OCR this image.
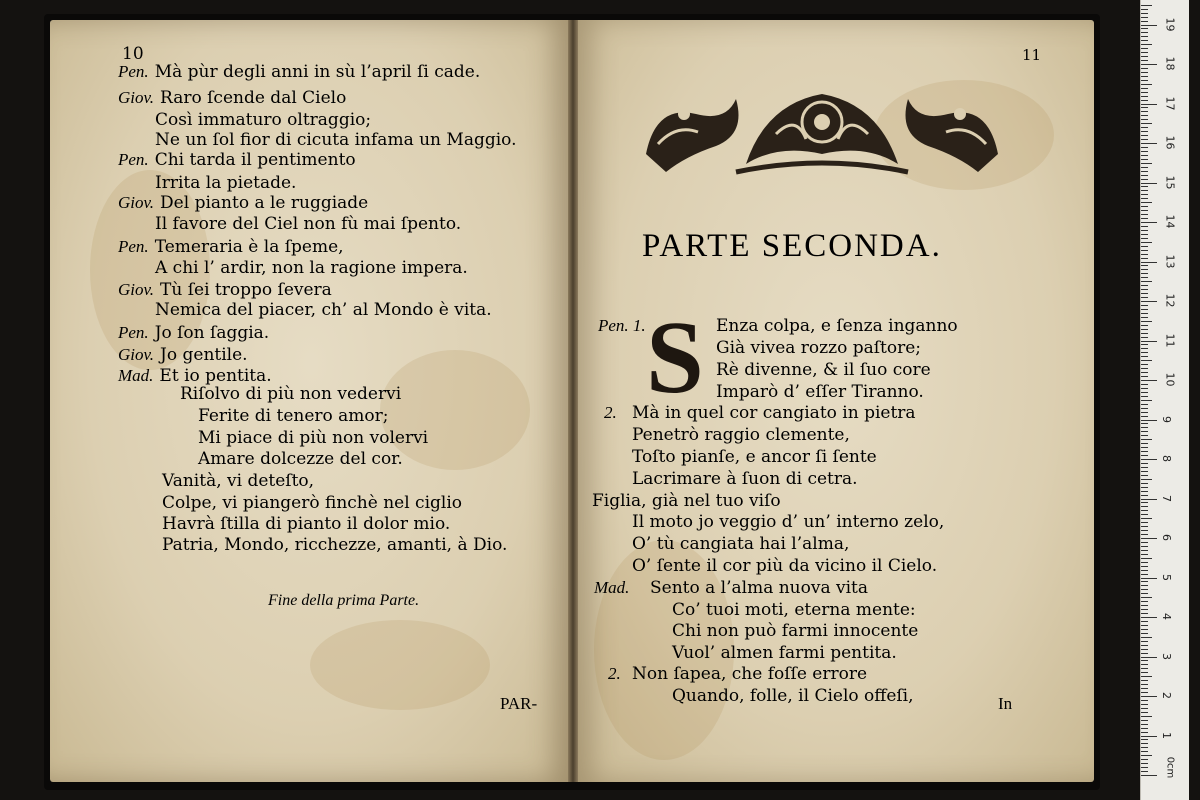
10
Pen. Mà pùr degli anni in sù l’april ſi cade.
Giov. Raro ſcende dal Cielo
Così immaturo oltraggio;
Ne un ſol fior di cicuta infama un Maggio.
Pen. Chi tarda il pentimento
Irrita la pietade.
Giov. Del pianto a le ruggiade
Il favore del Ciel non fù mai ſpento.
Pen. Temeraria è la ſpeme,
A chi l’ ardir, non la ragione impera.
Giov. Tù ſei troppo ſevera
Nemica del piacer, ch’ al Mondo è vita.
Pen. Jo ſon ſaggia.
Giov. Jo gentile.
Mad. Et io pentita.
Riſolvo di più non vedervi
Ferite di tenero amor;
Mi piace di più non volervi
Amare dolcezze del cor.
Vanità, vi deteſto,
Colpe, vi piangerò finchè nel ciglio
Havrà ſtilla di pianto il dolor mio.
Patria, Mondo, ricchezze, amanti, à Dio.
Fine della prima Parte.
PAR-
11
PARTE SECONDA.
S
Pen. 1.	Enza colpa, e ſenza inganno
Già vivea rozzo paſtore;
Rè divenne, & il ſuo core
Imparò d’ eſſer Tiranno.
2. Mà in quel cor cangiato in pietra
Penetrò raggio clemente,
Toſto pianſe, e ancor ſi ſente
Lacrimare à ſuon di cetra.
Figlia, già nel tuo viſo
Il moto jo veggio d’ un’ interno zelo,
O’ tù cangiata hai l’alma,
O’ ſente il cor più da vicino il Cielo.
Mad. Sento a l’alma nuova vita
Co’ tuoi moti, eterna mente:
Chi non può farmi innocente
Vuol’ almen farmi pentita.
2. Non ſapea, che foſſe errore
Quando, folle, il Cielo offeſi,	In
19
18
17
16
15
14
13
12
11
10
9
8
7
6
5
4
3
2
1
0cm
